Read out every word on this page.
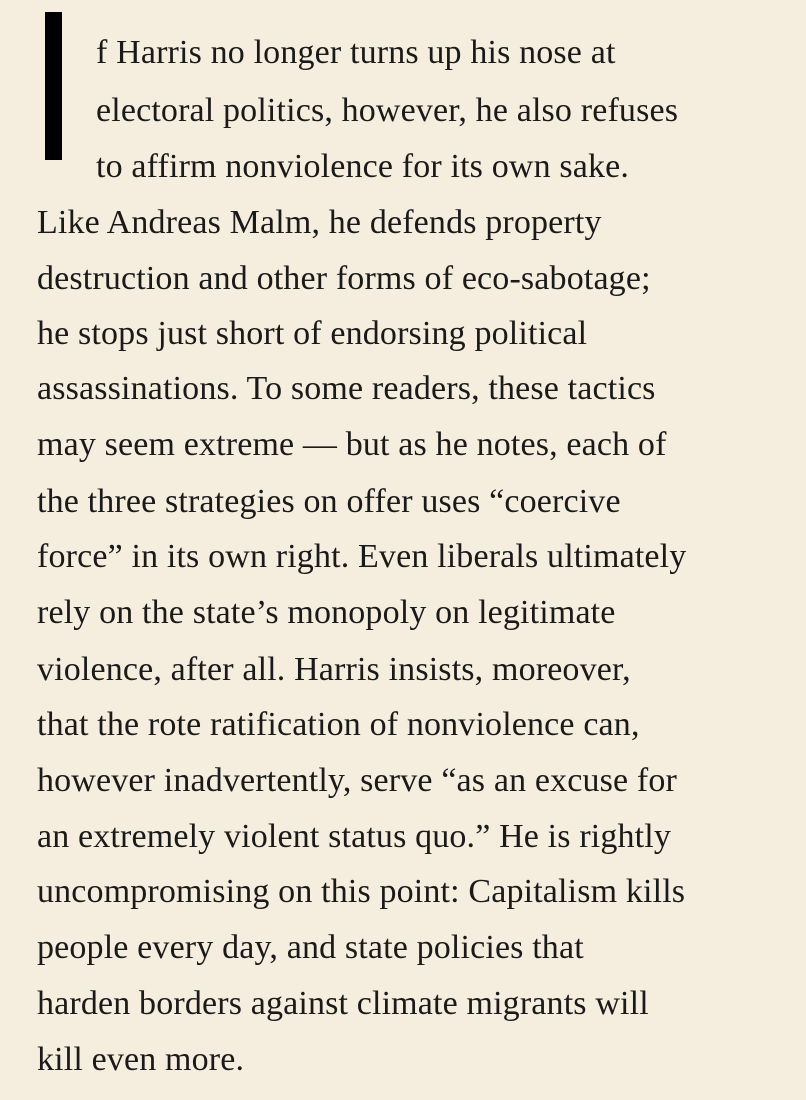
f Harris no longer turns up his nose at

electoral politics, however, he also refuses

to affirm nonviolence for its own sake.

Like Andreas Malm, he defends property

destruction and other forms of eco-sabotage;

he stops just short of endorsing political

assassinations. To some readers, these tactics

may seem extreme — but as he notes, each of

the three strategies on offer uses “coercive

force” in its own right. Even liberals ultimately

rely on the state’s monopoly on legitimate

violence, after all. Harris insists, moreover,

that the rote ratification of nonviolence can,

however inadvertently, serve “as an excuse for

an extremely violent status quo.” He is rightly

uncompromising on this point: Capitalism kills

people every day, and state policies that

harden borders against climate migrants will

kill even more.
